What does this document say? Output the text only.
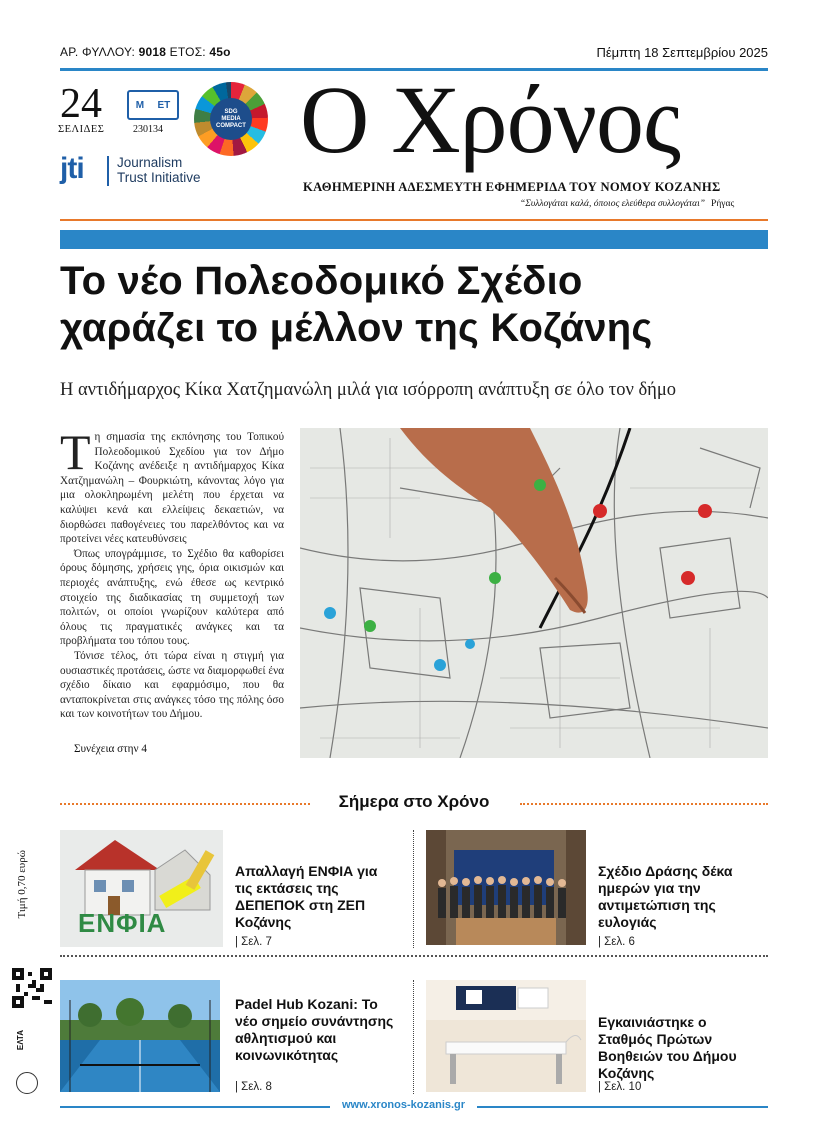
ΑΡ. ΦΥΛΛΟΥ: 9018 ΕΤΟΣ: 45ο	Πέμπτη 18 Σεπτεμβρίου 2025
24
ΣΕΛΙΔΕΣ
M ET
230134
SDG
MEDIA
COMPACT
jti Journalism
Trust Initiative
Ο Χρόνος
ΚΑΘΗΜΕΡΙΝΗ ΑΔΕΣΜΕΥΤΗ ΕΦΗΜΕΡΙΔΑ ΤΟΥ ΝΟΜΟΥ ΚΟΖΑΝΗΣ
“Συλλογάται καλά, όποιος ελεύθερα συλλογάται” Ρήγας
Το νέο Πολεοδομικό Σχέδιο
χαράζει το μέλλον της Κοζάνης
Η αντιδήμαρχος Κίκα Χατζημανώλη μιλά για ισόρροπη ανάπτυξη σε όλο τον δήμο

Τη σημασία της εκπόνησης του Τοπικού Πολεοδομικού Σχεδίου για τον Δήμο Κοζάνης ανέδειξε η αντιδήμαρχος Κίκα Χατζημανώλη – Φουρκιώτη, κάνοντας λόγο για μια ολοκληρωμένη μελέτη που έρχεται να καλύψει κενά και ελλείψεις δεκαετιών, να διορθώσει παθογένειες του παρελθόντος και να προτείνει νέες κατευθύνσεις

Όπως υπογράμμισε, το Σχέδιο θα καθορίσει όρους δόμησης, χρήσεις γης, όρια οικισμών και περιοχές ανάπτυξης, ενώ έθεσε ως κεντρικό στοιχείο της διαδικασίας τη συμμετοχή των πολιτών, οι οποίοι γνωρίζουν καλύτερα από όλους τις πραγματικές ανάγκες και τα προβλήματα του τόπου τους.

Τόνισε τέλος, ότι τώρα είναι η στιγμή για ουσιαστικές προτάσεις, ώστε να διαμορφωθεί ένα σχέδιο δίκαιο και εφαρμόσιμο, που θα ανταποκρίνεται στις ανάγκες τόσο της πόλης όσο και των κοινοτήτων του Δήμου.

Συνέχεια στην 4
Σήμερα στο Χρόνο
ΕΝΦΙΑ
Απαλλαγή ΕΝΦΙΑ για τις εκτάσεις της ΔΕΠΕΠΟΚ στη ΖΕΠ Κοζάνης
| Σελ. 7
Σχέδιο Δράσης δέκα ημερών για την αντιμετώπιση της ευλογιάς
| Σελ. 6
Padel Hub Kozani: Το νέο σημείο συνάντησης αθλητισμού και κοινωνικότητας
| Σελ. 8
Εγκαινιάστηκε ο Σταθμός Πρώτων Βοηθειών του Δήμου Κοζάνης
| Σελ. 10
Τιμή 0,70 ευρώ
ΕΛΤΑ
www.xronos-kozanis.gr
